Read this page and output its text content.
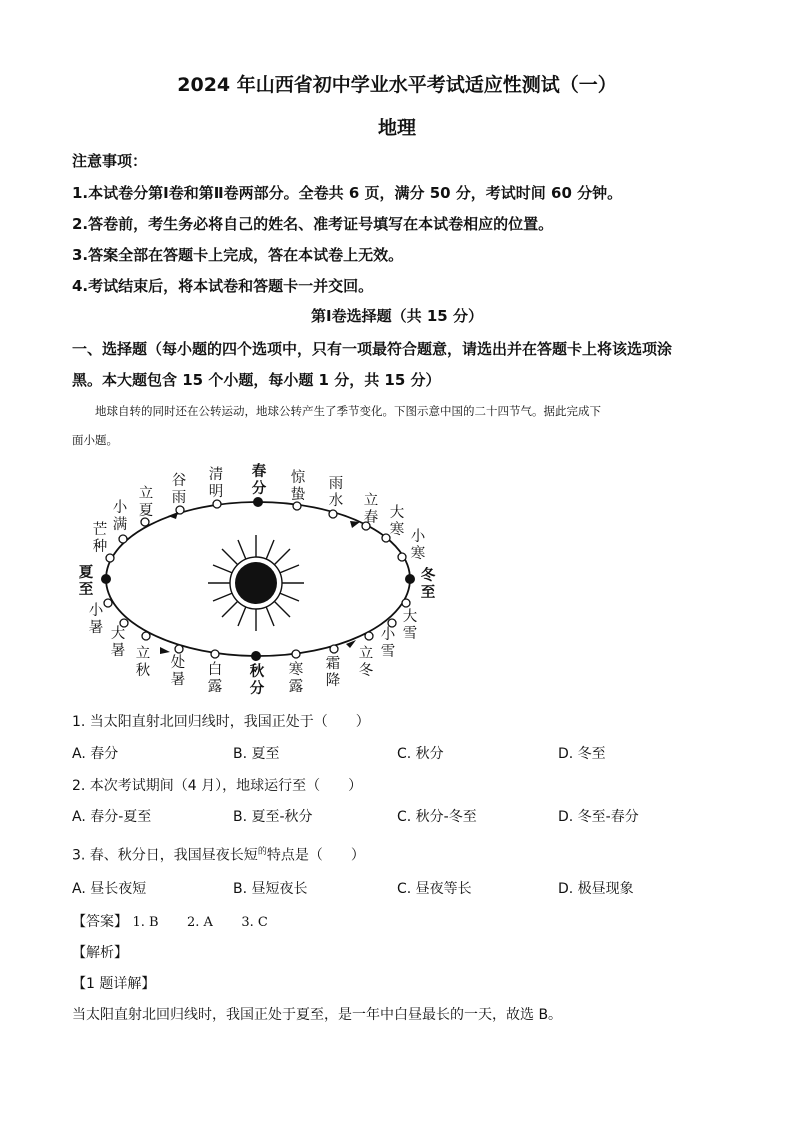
2024 年山西省初中学业水平考试适应性测试（一）
地理
注意事项：
1.本试卷分第Ⅰ卷和第Ⅱ卷两部分。全卷共 6 页，满分 50 分，考试时间 60 分钟。
2.答卷前，考生务必将自己的姓名、准考证号填写在本试卷相应的位置。
3.答案全部在答题卡上完成，答在本试卷上无效。
4.考试结束后，将本试卷和答题卡一并交回。
第Ⅰ卷选择题（共 15 分）
一、选择题（每小题的四个选项中，只有一项最符合题意，请选出并在答题卡上将该选项涂
黑。本大题包含 15 个小题，每小题 1 分，共 15 分）
地球自转的同时还在公转运动，地球公转产生了季节变化。下图示意中国的二十四节气。据此完成下
面小题。
春
分
惊
蛰
雨
水 立
春 大
寒 小
寒
冬
至
大
雪
小
雪
立
冬
霜
降
寒
露
秋
分
白
露
处
暑
立
秋
大
暑
小
暑
夏
至
芒
种
小
满
立
夏
谷
雨
清
明
1. 当太阳直射北回归线时，我国正处于（　　）
A. 春分	B. 夏至	C. 秋分	D. 冬至
2. 本次考试期间（4 月），地球运行至（　　）
A. 春分-夏至	B. 夏至-秋分	C. 秋分-冬至	D. 冬至-春分
3. 春、秋分日，我国昼夜长短$^的$特点是（　　）
A. 昼长夜短	B. 昼短夜长	C. 昼夜等长	D. 极昼现象
【答案】 1. B 2. A 3. C
【解析】
【1 题详解】
当太阳直射北回归线时，我国正处于夏至，是一年中白昼最长的一天，故选 B。
